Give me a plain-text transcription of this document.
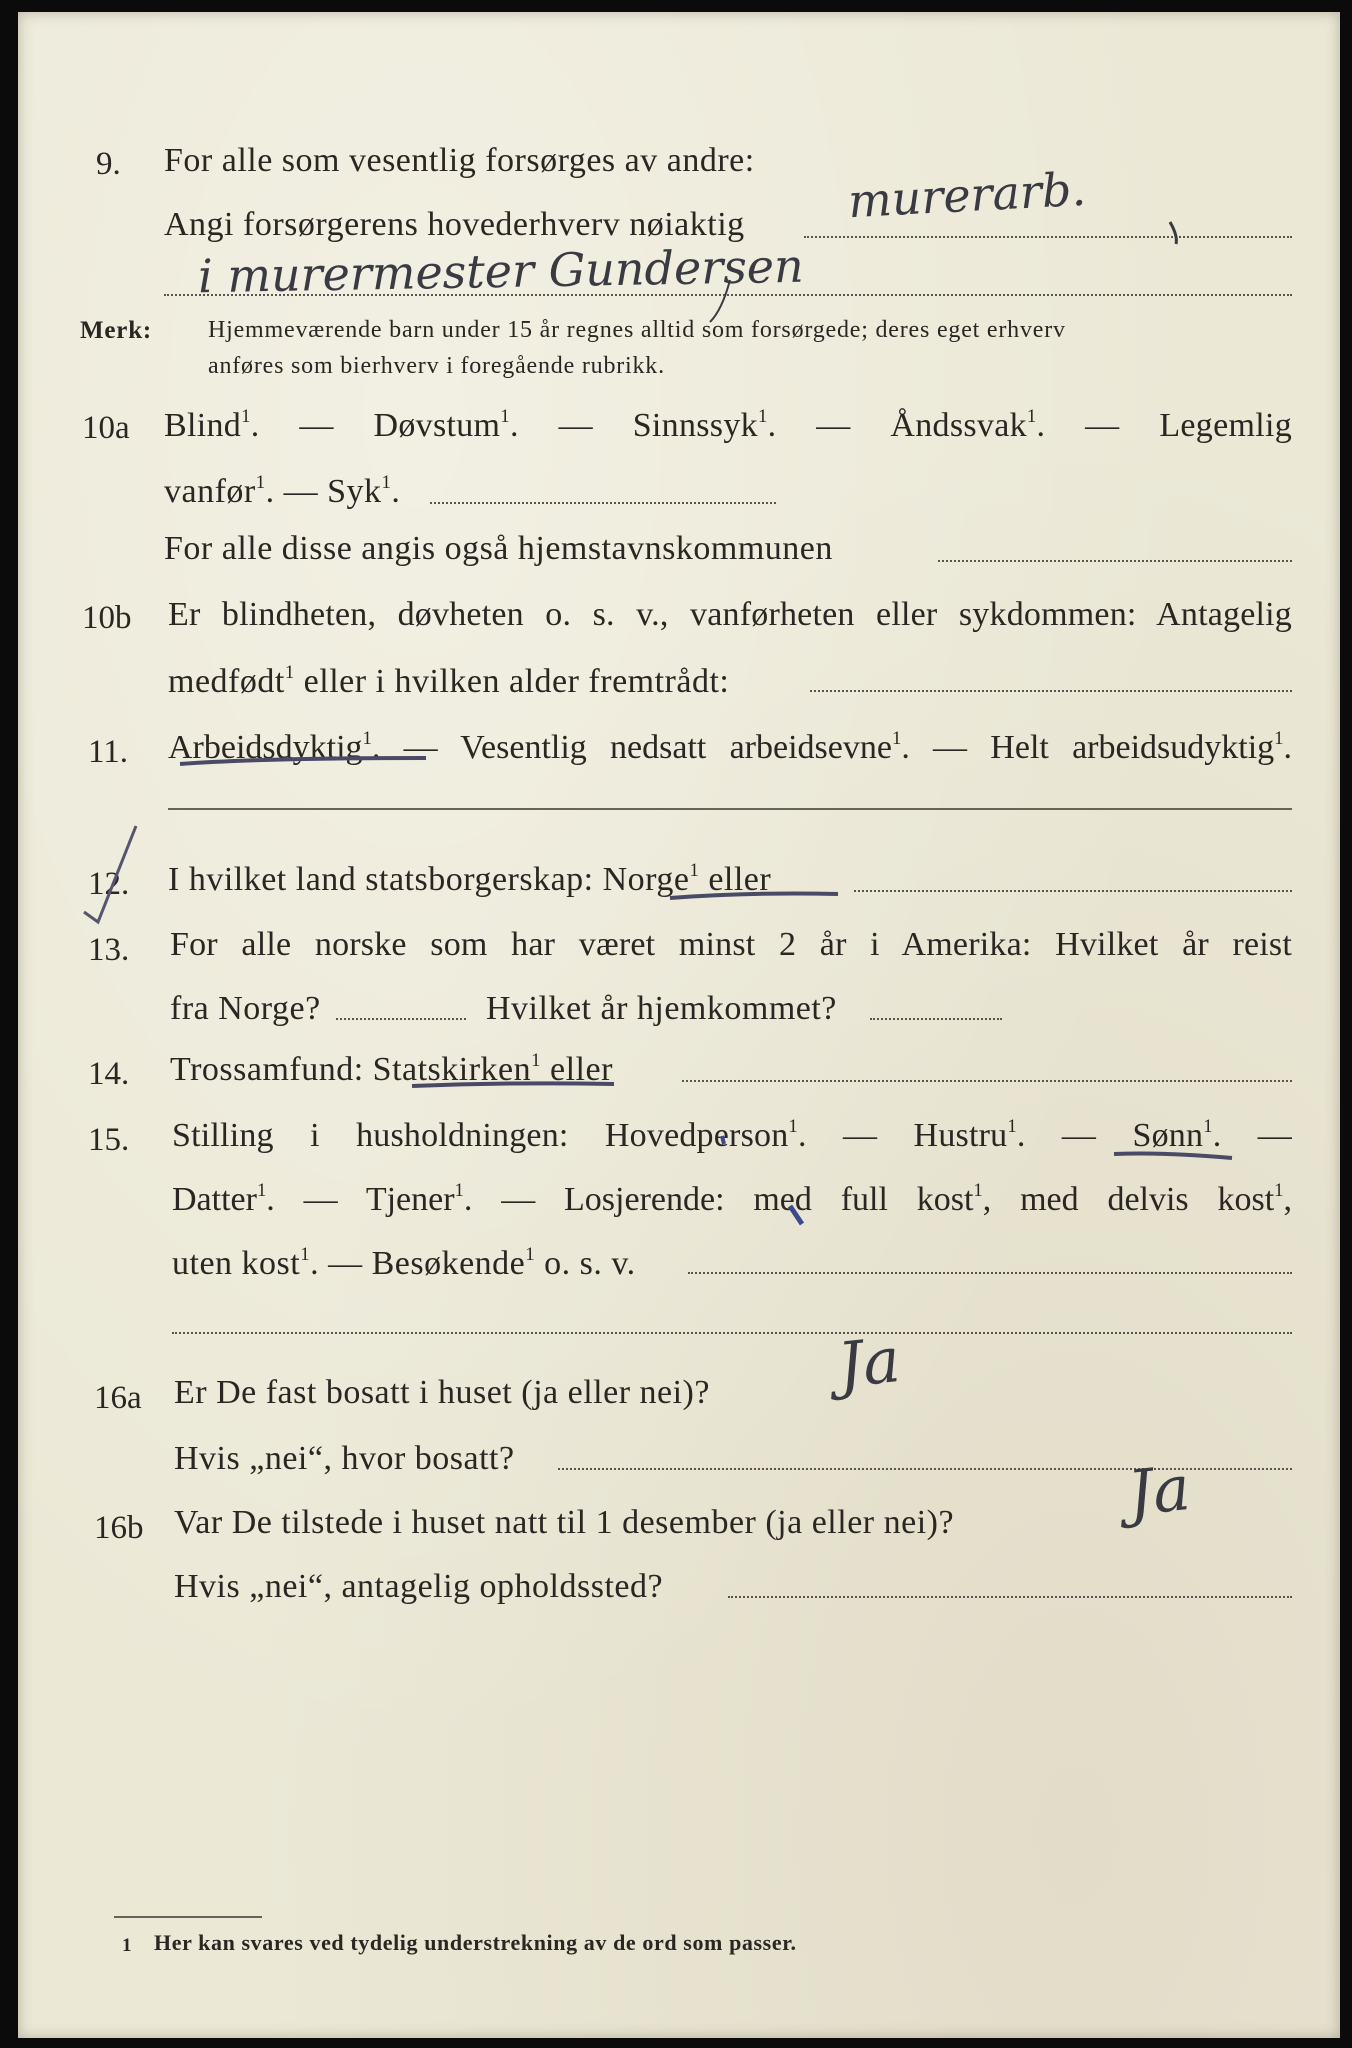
9. For alle som vesentlig forsørges av andre:
Angi forsørgerens hovederhverv nøiaktig murerarb.
i murermester Gundersen
Merk: Hjemmeværende barn under 15 år regnes alltid som forsørgede; deres eget erhverv
anføres som bierhverv i foregående rubrikk.
10a Blind$^1$. — Døvstum$^1$. — Sinnssyk$^1$. — Åndssvak$^1$. — Legemlig
vanfør$^1$. — Syk$^1$.
For alle disse angis også hjemstavnskommunen
10b Er blindheten, døvheten o. s. v., vanførheten eller sykdommen: Antagelig
medfødt$^1$ eller i hvilken alder fremtrådt:
11. Arbeidsdyktig$^1$. — Vesentlig nedsatt arbeidsevne$^1$. — Helt arbeidsudyktig$^1$.
12. I hvilket land statsborgerskap: Norge$^1$ eller
13. For alle norske som har været minst 2 år i Amerika: Hvilket år reist
fra Norge?	Hvilket år hjemkommet?
14. Trossamfund: Statskirken$^1$ eller
15. Stilling i husholdningen: Hovedperson$^1$. — Hustru$^1$. — Sønn$^1$. —
Datter$^1$. — Tjener$^1$. — Losjerende: med full kost$^1$, med delvis kost$^1$,
uten kost$^1$. — Besøkende$^1$ o. s. v.
16a Er De fast bosatt i huset (ja eller nei)? Ja
Hvis „nei“, hvor bosatt?
16b Var De tilstede i huset natt til 1 desember (ja eller nei)?	Ja
Hvis „nei“, antagelig opholdssted?
1 Her kan svares ved tydelig understrekning av de ord som passer.
